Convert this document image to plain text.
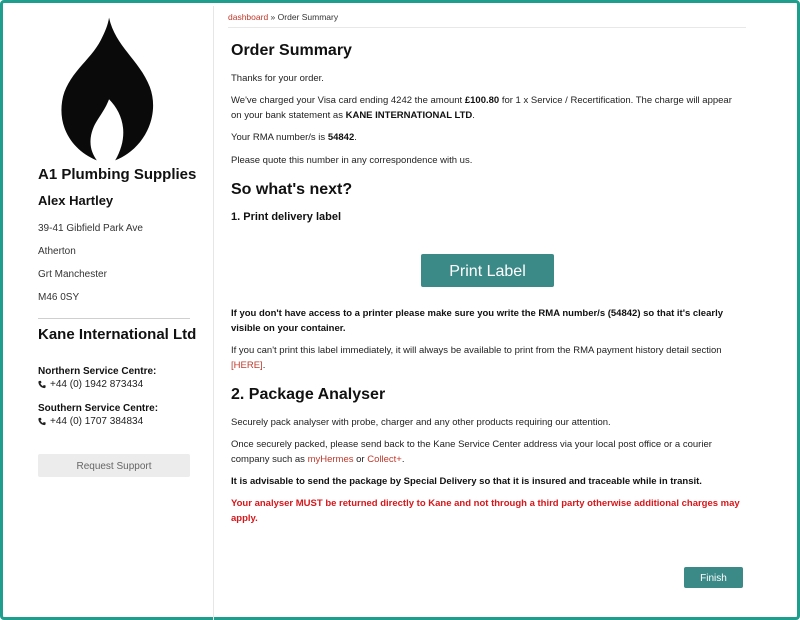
A1 Plumbing Supplies
Alex Hartley
39-41 Gibfield Park Ave
Atherton
Grt Manchester
M46 0SY
Kane International Ltd
Northern Service Centre:
+44 (0) 1942 873434
Southern Service Centre:
+44 (0) 1707 384834
Request Support
dashboard » Order Summary
Order Summary

Thanks for your order.

We've charged your Visa card ending 4242 the amount £100.80 for 1 x Service / Recertification. The charge will appear on your bank statement as KANE INTERNATIONAL LTD.

Your RMA number/s is 54842.

Please quote this number in any correspondence with us.

So what's next?
1. Print delivery label
Print Label

If you don't have access to a printer please make sure you write the RMA number/s (54842) so that it's clearly visible on your container.

If you can't print this label immediately, it will always be available to print from the RMA payment history detail section [HERE].

2. Package Analyser

Securely pack analyser with probe, charger and any other products requiring our attention.

Once securely packed, please send back to the Kane Service Center address via your local post office or a courier company such as myHermes or Collect+.

It is advisable to send the package by Special Delivery so that it is insured and traceable while in transit.

Your analyser MUST be returned directly to Kane and not through a third party otherwise additional charges may apply.

Finish
